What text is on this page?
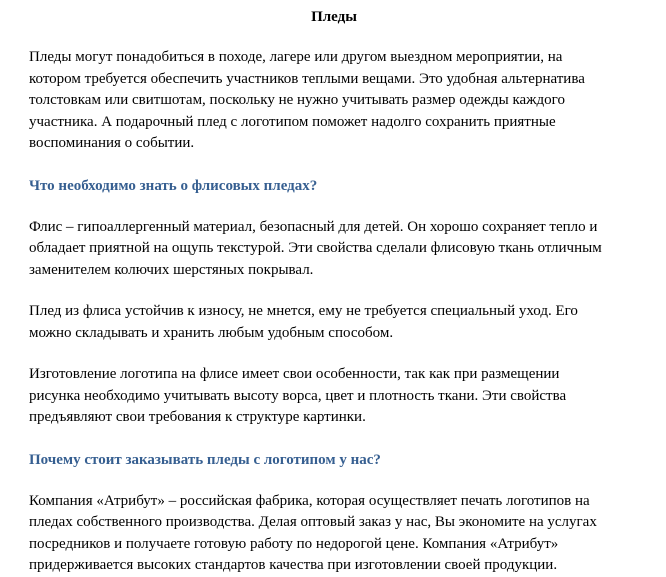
Пледы
Пледы могут понадобиться в походе, лагере или другом выездном мероприятии, на
котором требуется обеспечить участников теплыми вещами. Это удобная альтернатива
толстовкам или свитшотам, поскольку не нужно учитывать размер одежды каждого
участника. А подарочный плед с логотипом поможет надолго сохранить приятные
воспоминания о событии.
Что необходимо знать о флисовых пледах?
Флис – гипоаллергенный материал, безопасный для детей. Он хорошо сохраняет тепло и
обладает приятной на ощупь текстурой. Эти свойства сделали флисовую ткань отличным
заменителем колючих шерстяных покрывал.
Плед из флиса устойчив к износу, не мнется, ему не требуется специальный уход. Его
можно складывать и хранить любым удобным способом.
Изготовление логотипа на флисе имеет свои особенности, так как при размещении
рисунка необходимо учитывать высоту ворса, цвет и плотность ткани. Эти свойства
предъявляют свои требования к структуре картинки.
Почему стоит заказывать пледы с логотипом у нас?
Компания «Атрибут» – российская фабрика, которая осуществляет печать логотипов на
пледах собственного производства. Делая оптовый заказ у нас, Вы экономите на услугах
посредников и получаете готовую работу по недорогой цене. Компания «Атрибут»
придерживается высоких стандартов качества при изготовлении своей продукции.
